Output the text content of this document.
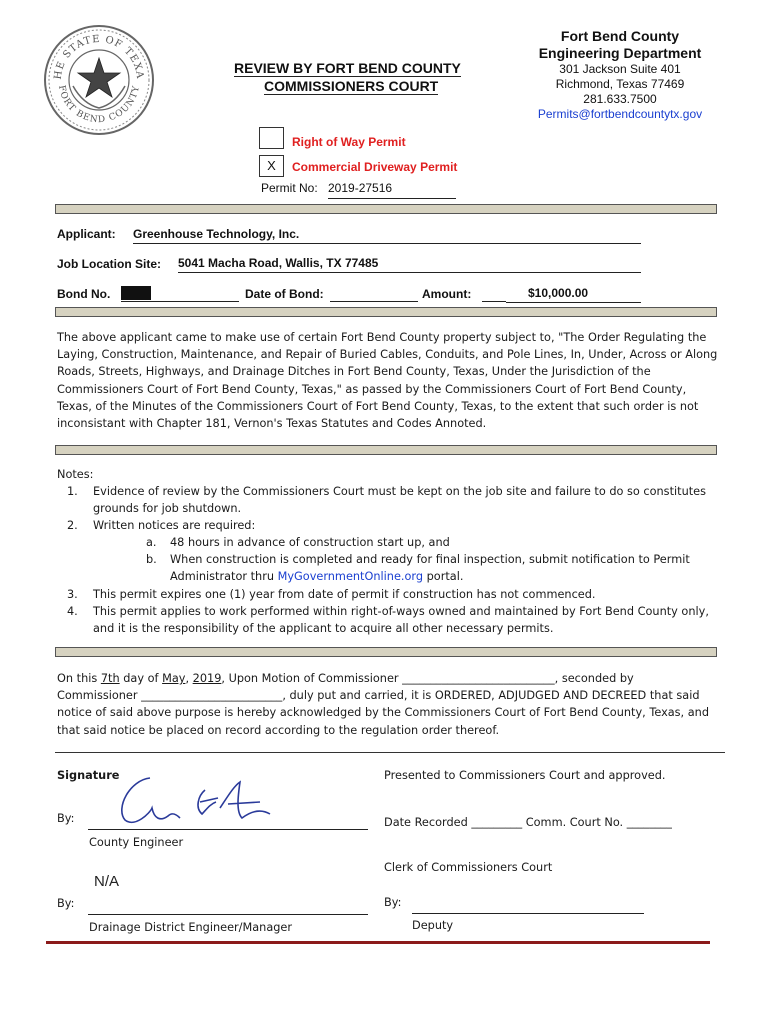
HE STATE OF TEXA
FORT BEND COUNTY
REVIEW BY FORT BEND COUNTY
COMMISSIONERS COURT
Fort Bend County
Engineering Department
301 Jackson Suite 401
Richmond, Texas 77469
281.633.7500
Permits@fortbendcountytx.gov
Right of Way Permit
X	Commercial Driveway Permit
Permit No: 2019-27516
Applicant: Greenhouse Technology, Inc.
Job Location Site: 5041 Macha Road, Wallis, TX 77485
Bond No.	Date of Bond:	Amount:	$10,000.00
The above applicant came to make use of certain Fort Bend County property subject to, "The Order Regulating the
Laying, Construction, Maintenance, and Repair of Buried Cables, Conduits, and Pole Lines, In, Under, Across or Along
Roads, Streets, Highways, and Drainage Ditches in Fort Bend County, Texas, Under the Jurisdiction of the
Commissioners Court of Fort Bend County, Texas," as passed by the Commissioners Court of Fort Bend County,
Texas, of the Minutes of the Commissioners Court of Fort Bend County, Texas, to the extent that such order is not
inconsistant with Chapter 181, Vernon's Texas Statutes and Codes Annoted.
Notes:
1. Evidence of review by the Commissioners Court must be kept on the job site and failure to do so constitutes
grounds for job shutdown.
2. Written notices are required:
a. 48 hours in advance of construction start up, and
b. When construction is completed and ready for final inspection, submit notification to Permit
Administrator thru MyGovernmentOnline.org portal.
3. This permit expires one (1) year from date of permit if construction has not commenced.
4. This permit applies to work performed within right-of-ways owned and maintained by Fort Bend County only,
and it is the responsibility of the applicant to acquire all other necessary permits.
On this 7th day of May, 2019, Upon Motion of Commissioner ___________________________, seconded by
Commissioner _________________________, duly put and carried, it is ORDERED, ADJUDGED AND DECREED that said
notice of said above purpose is hereby acknowledged by the Commissioners Court of Fort Bend County, Texas, and
that said notice be placed on record according to the regulation order thereof.
Signature
By:
County Engineer
N/A
By:
Drainage District Engineer/Manager
Presented to Commissioners Court and approved.
Date Recorded _________ Comm. Court No. ________
Clerk of Commissioners Court
By:
Deputy
